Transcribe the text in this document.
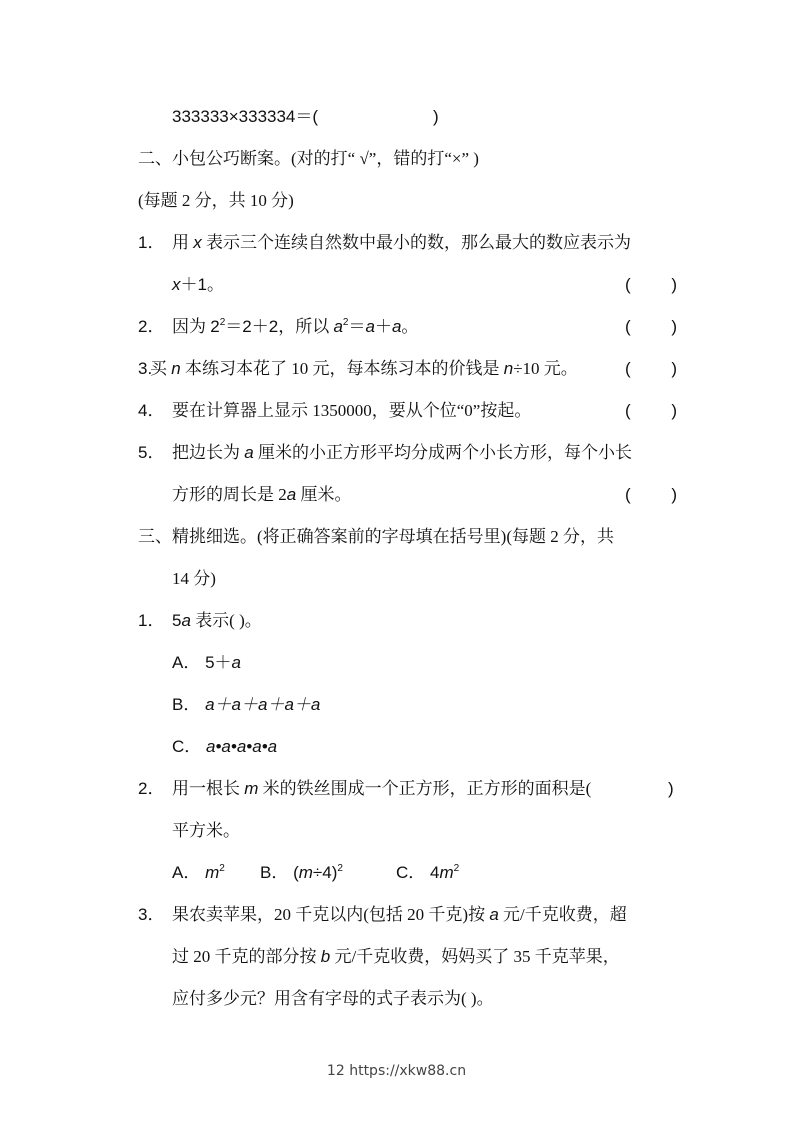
333333×333334＝(	)
二、小包公巧断案。(对的打“ √”，错的打“×” )
(每题 2 分，共 10 分)
1． 用 x 表示三个连续自然数中最小的数，那么最大的数应表示为
x＋1。	( )
2． 因为 $2^2=2+2$，所以 $a^2=a+a$。	( )
3.
买 n 本练习本花了 10 元，每本练习本的价钱是 n÷10 元。	( )
4． 要在计算器上显示 1350000，要从个位“0”按起。	( )
5． 把边长为 a 厘米的小正方形平均分成两个小长方形，每个小长
方形的周长是 2a 厘米。	( )
三、精挑细选。(将正确答案前的字母填在括号里)(每题 2 分，共
14 分)
1． 5a 表示( )。
A． 5＋a
B． a＋a＋a＋a＋a
C． a•a•a•a•a
2． 用一根长 m 米的铁丝围成一个正方形，正方形的面积是(	)
平方米。
A． $m^2$ B． $(m\div 4)^2$	C． $4m^2$
3． 果农卖苹果，20 千克以内(包括 20 千克)按 a 元/千克收费，超
过 20 千克的部分按 b 元/千克收费，妈妈买了 35 千克苹果，
应付多少元？用含有字母的式子表示为( )。
12 https://xkw88.cn
